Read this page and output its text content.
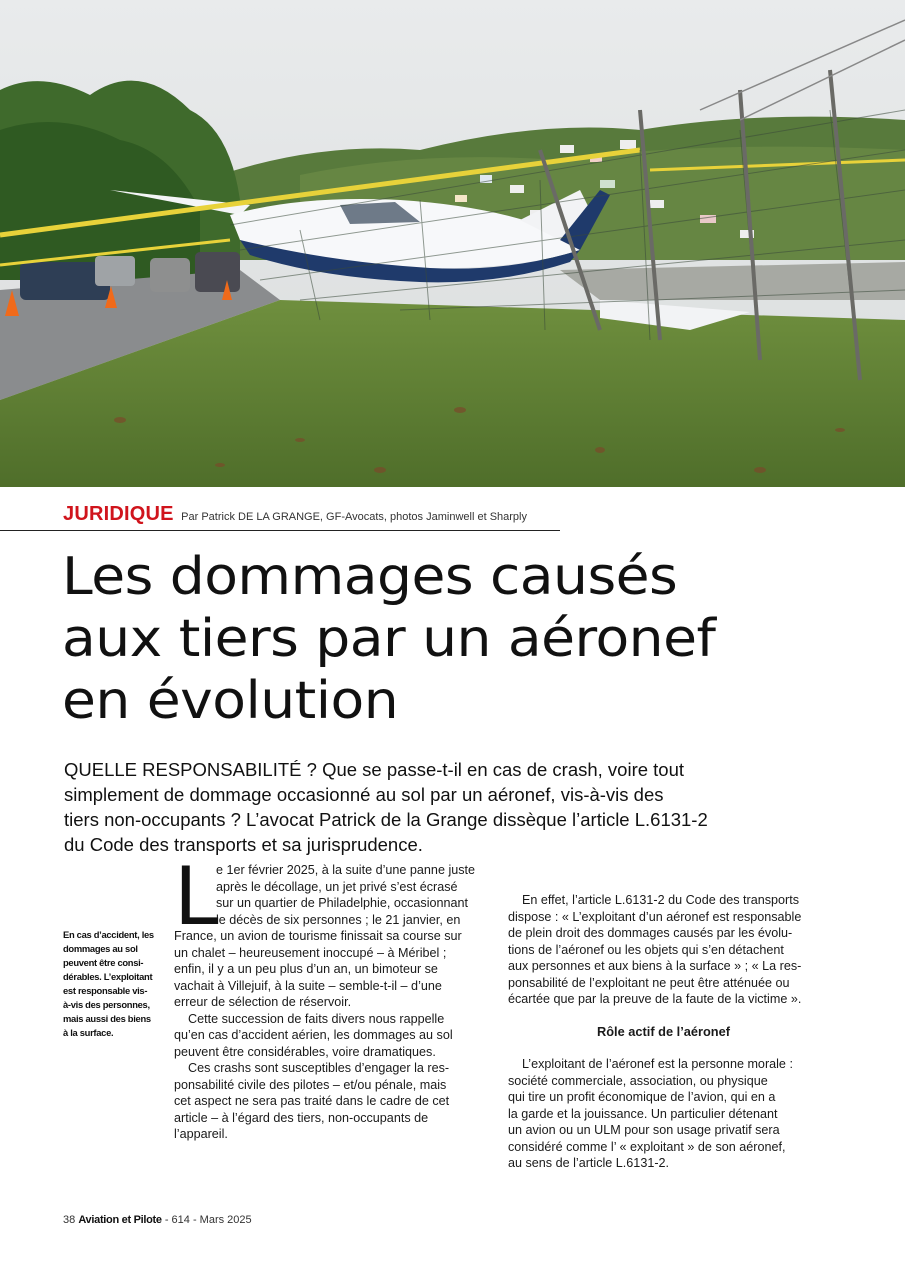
JURIDIQUE Par Patrick DE LA GRANGE, GF-Avocats, photos Jaminwell et Sharply
Les dommages causés
aux tiers par un aéronef
en évolution

QUELLE RESPONSABILITÉ ? Que se passe-t-il en cas de crash, voire tout
simplement de dommage occasionné au sol par un aéronef, vis-à-vis des
tiers non-occupants ? L’avocat Patrick de la Grange dissèque l’article L.6131-2
du Code des transports et sa jurisprudence.

En cas d’accident, les
dommages au sol
peuvent être consi-
dérables. L’exploitant
est responsable vis-
à-vis des personnes,
mais aussi des biens
à la surface.
L

e 1er février 2025, à la suite d’une panne juste
après le décollage, un jet privé s’est écrasé
sur un quartier de Philadelphie, occasionnant
le décès de six personnes ; le 21 janvier, en
France, un avion de tourisme finissait sa course sur
un chalet – heureusement inoccupé – à Méribel ;
enfin, il y a un peu plus d’un an, un bimoteur se
vachait à Villejuif, à la suite – semble-t-il – d’une
erreur de sélection de réservoir.

Cette succession de faits divers nous rappelle
qu’en cas d’accident aérien, les dommages au sol
peuvent être considérables, voire dramatiques.

Ces crashs sont susceptibles d’engager la res-
ponsabilité civile des pilotes – et/ou pénale, mais
cet aspect ne sera pas traité dans le cadre de cet
article – à l’égard des tiers, non-occupants de
l’appareil.

En effet, l’article L.6131-2 du Code des transports
dispose : « L’exploitant d’un aéronef est responsable
de plein droit des dommages causés par les évolu-
tions de l’aéronef ou les objets qui s’en détachent
aux personnes et aux biens à la surface » ; « La res-
ponsabilité de l’exploitant ne peut être atténuée ou
écartée que par la preuve de la faute de la victime ».

Rôle actif de l’aéronef

L’exploitant de l’aéronef est la personne morale :
société commerciale, association, ou physique
qui tire un profit économique de l’avion, qui en a
la garde et la jouissance. Un particulier détenant
un avion ou un ULM pour son usage privatif sera
considéré comme l’ « exploitant » de son aéronef,
au sens de l’article L.6131-2.

38 Aviation et Pilote - 614 - Mars 2025
